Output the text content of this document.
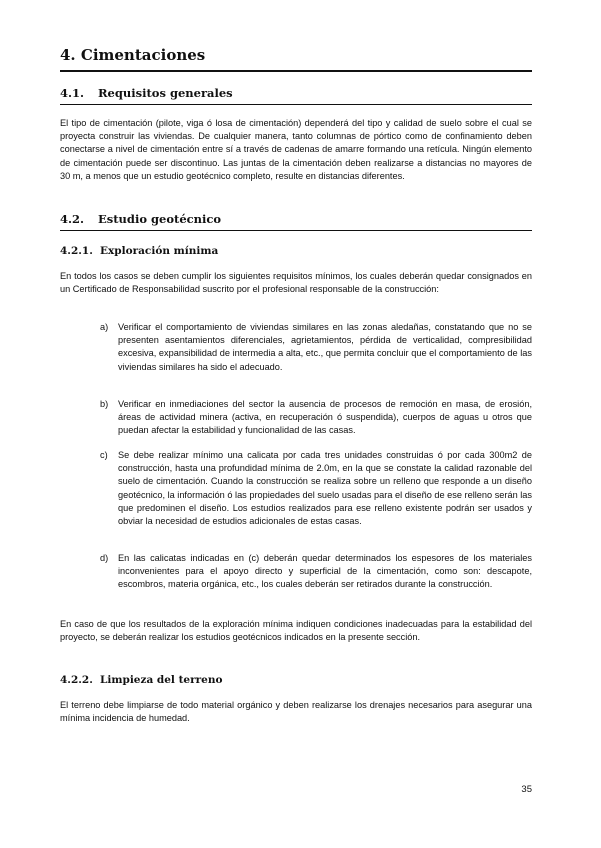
4. Cimentaciones
4.1. Requisitos generales

El tipo de cimentación (pilote, viga ó losa de cimentación) dependerá del tipo y calidad de suelo sobre el cual se proyecta construir las viviendas. De cualquier manera, tanto columnas de pórtico como de confinamiento deben conectarse a nivel de cimentación entre sí a través de cadenas de amarre formando una retícula. Ningún elemento de cimentación puede ser discontinuo. Las juntas de la cimentación deben realizarse a distancias no mayores de 30 m, a menos que un estudio geotécnico completo, resulte en distancias diferentes.

4.2. Estudio geotécnico
4.2.1. Exploración mínima

En todos los casos se deben cumplir los siguientes requisitos mínimos, los cuales deberán quedar consignados en un Certificado de Responsabilidad suscrito por el profesional responsable de la construcción:

a)	Verificar el comportamiento de viviendas similares en las zonas aledañas, constatando que no se presenten asentamientos diferenciales, agrietamientos, pérdida de verticalidad, compresibilidad excesiva, expansibilidad de intermedia a alta, etc., que permita concluir que el comportamiento de las viviendas similares ha sido el adecuado.

b)	Verificar en inmediaciones del sector la ausencia de procesos de remoción en masa, de erosión, áreas de actividad minera (activa, en recuperación ó suspendida), cuerpos de aguas u otros que puedan afectar la estabilidad y funcionalidad de las casas.

c)	Se debe realizar mínimo una calicata por cada tres unidades construidas ó por cada 300m2 de construcción, hasta una profundidad mínima de 2.0m, en la que se constate la calidad razonable del suelo de cimentación. Cuando la construcción se realiza sobre un relleno que responde a un diseño geotécnico, la información ó las propiedades del suelo usadas para el diseño de ese relleno serán las que predominen el diseño. Los estudios realizados para ese relleno existente podrán ser usados y obviar la necesidad de estudios adicionales de estas casas.

d)	En las calicatas indicadas en (c) deberán quedar determinados los espesores de los materiales inconvenientes para el apoyo directo y superficial de la cimentación, como son: descapote, escombros, materia orgánica, etc., los cuales deberán ser retirados durante la construcción.

En caso de que los resultados de la exploración mínima indiquen condiciones inadecuadas para la estabilidad del proyecto, se deberán realizar los estudios geotécnicos indicados en la presente sección.

4.2.2. Limpieza del terreno

El terreno debe limpiarse de todo material orgánico y deben realizarse los drenajes necesarios para asegurar una mínima incidencia de humedad.

35
